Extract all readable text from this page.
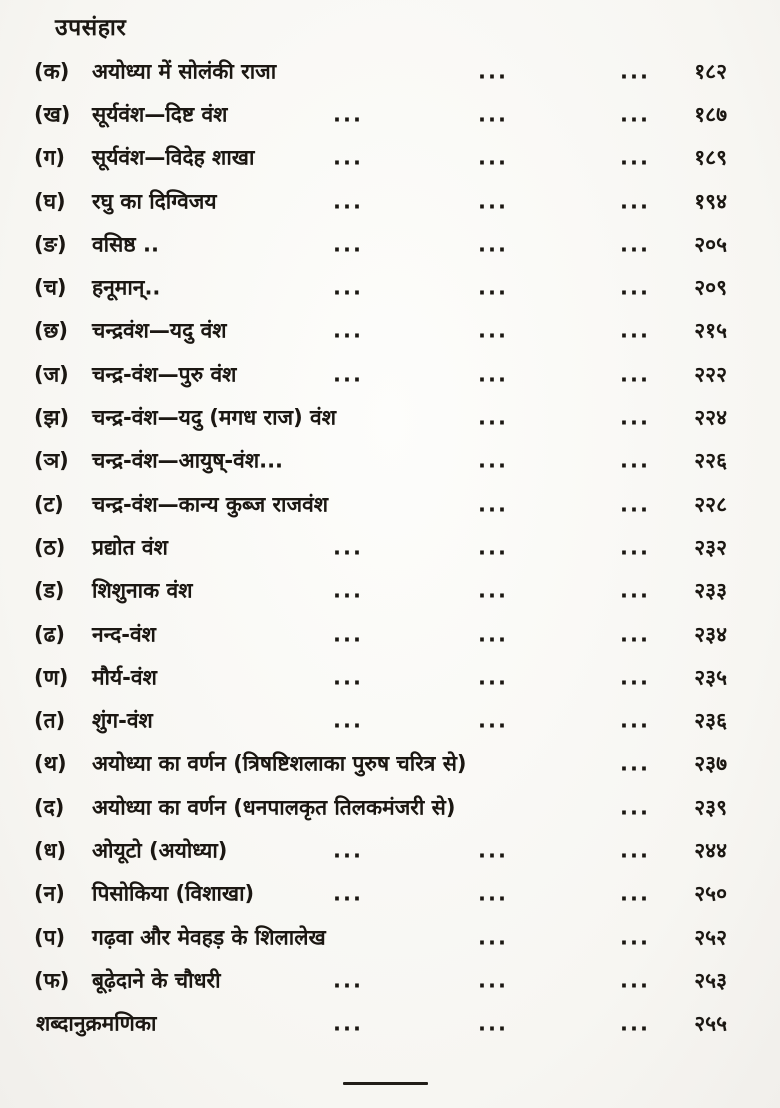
उपसंहार
(क) अयोध्या में सोलंकी राजा	...	... १८२
(ख) सूर्यवंश—दिष्ट वंश	...	...	... १८७
(ग) सूर्यवंश—विदेह शाखा	...	...	... १८९
(घ) रघु का दिग्विजय	...	...	... १९४
(ङ) वसिष्ठ ..	...	...	... २०५
(च) हनूमान्..	...	...	... २०९
(छ) चन्द्रवंश—यदु वंश	...	...	... २१५
(ज) चन्द्र-वंश—पुरु वंश	...	...	... २२२
(झ) चन्द्र-वंश—यदु (मगध राज) वंश	...	... २२४
(ञ) चन्द्र-वंश—आयुष्-वंश...	...	... २२६
(ट) चन्द्र-वंश—कान्य कुब्ज राजवंश	...	... २२८
(ठ) प्रद्योत वंश	...	...	... २३२
(ड) शिशुनाक वंश	...	...	... २३३
(ढ) नन्द-वंश	...	...	... २३४
(ण) मौर्य-वंश	...	...	... २३५
(त) शुंग-वंश	...	...	... २३६
(थ) अयोध्या का वर्णन (त्रिषष्टिशलाका पुरुष चरित्र से)	... २३७
(द) अयोध्या का वर्णन (धनपालकृत तिलकमंजरी से)	... २३९
(ध) ओयूटो (अयोध्या)	...	...	... २४४
(न) पिसोकिया (विशाखा)	...	...	... २५०
(प) गढ़वा और मेवहड़ के शिलालेख	...	... २५२
(फ) बूढ़ेदाने के चौधरी	...	...	... २५३
शब्दानुक्रमणिका	...	...	... २५५
